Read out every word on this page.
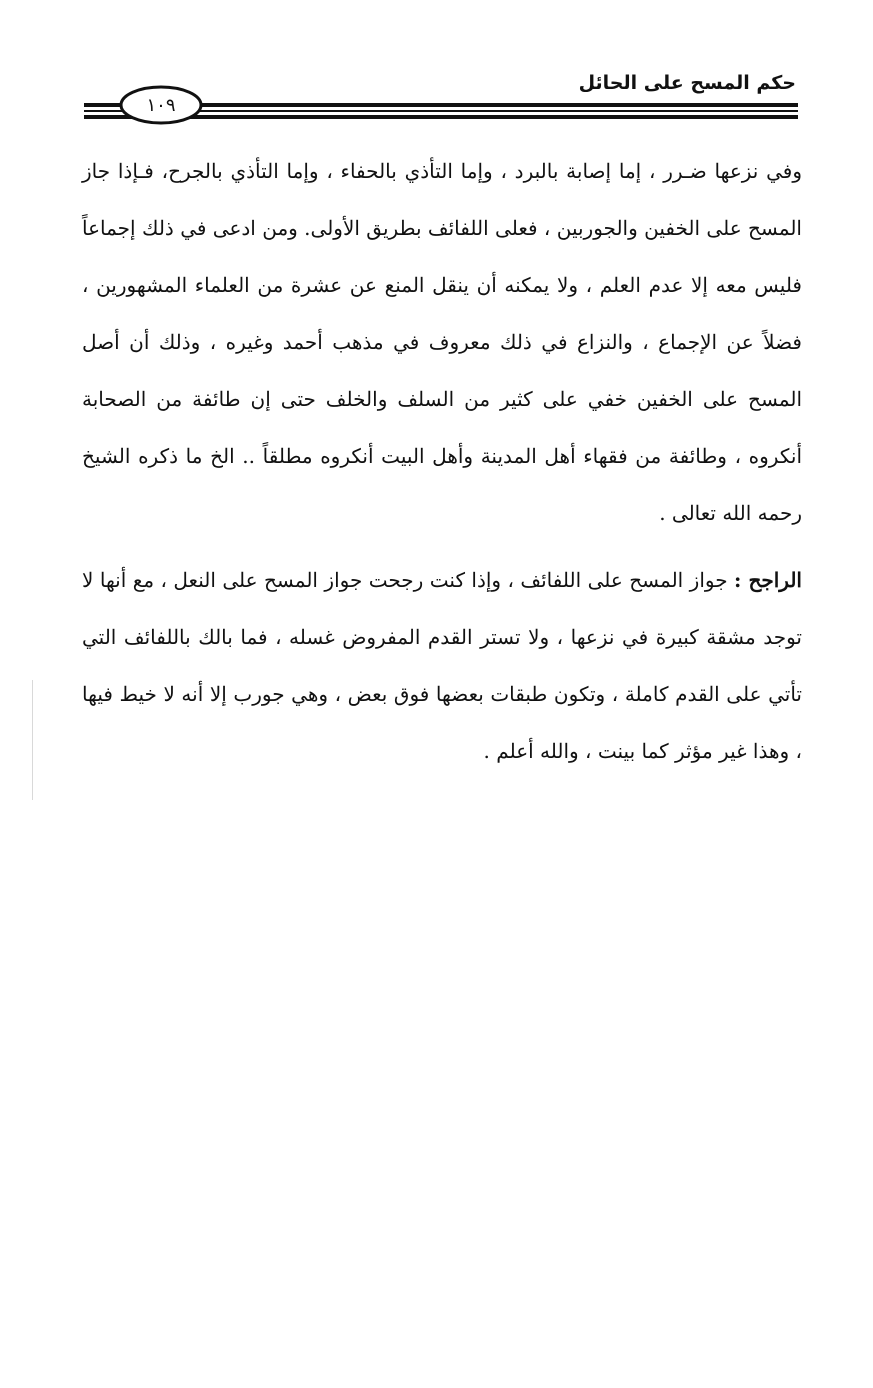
حكم المسح على الحائل
١٠٩

وفي نزعها ضـرر ، إما إصابة بالبرد ، وإما التأذي بالحفاء ، وإما التأذي بالجرح، فـإذا جاز المسح على الخفين والجوربين ، فعلى اللفائف بطريق الأولى. ومن ادعى في ذلك إجماعاً فليس معه إلا عدم العلم ، ولا يمكنه أن ينقل المنع عن عشرة من العلماء المشهورين ، فضلاً عن الإجماع ، والنزاع في ذلك معروف في مذهب أحمد وغيره ، وذلك أن أصل المسح على الخفين خفي على كثير من السلف والخلف حتى إن طائفة من الصحابة أنكروه ، وطائفة من فقهاء أهل المدينة وأهل البيت أنكروه مطلقاً .. الخ ما ذكره الشيخ رحمه الله تعالى .

الراجح : جواز المسح على اللفائف ، وإذا كنت رجحت جواز المسح على النعل ، مع أنها لا توجد مشقة كبيرة في نزعها ، ولا تستر القدم المفروض غسله ، فما بالك باللفائف التي تأتي على القدم كاملة ، وتكون طبقات بعضها فوق بعض ، وهي جورب إلا أنه لا خيط فيها ، وهذا غير مؤثر كما بينت ، والله أعلم .
